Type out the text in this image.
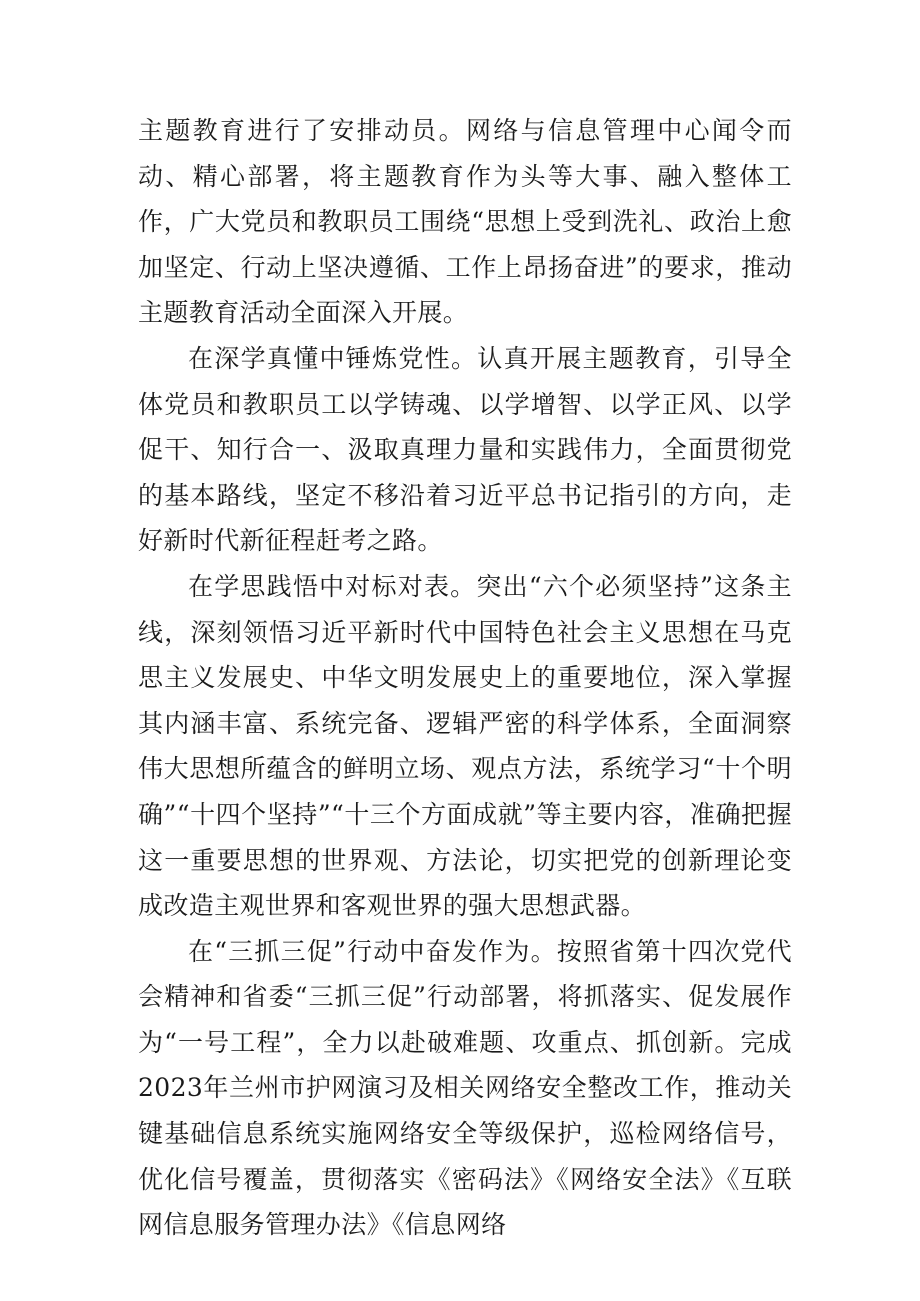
主题教育进行了安排动员。网络与信息管理中心闻令而动、精心部署，将主题教育作为头等大事、融入整体工作，广大党员和教职员工围绕“思想上受到洗礼、政治上愈加坚定、行动上坚决遵循、工作上昂扬奋进”的要求，推动主题教育活动全面深入开展。

在深学真懂中锤炼党性。认真开展主题教育，引导全体党员和教职员工以学铸魂、以学增智、以学正风、以学促干、知行合一、汲取真理力量和实践伟力，全面贯彻党的基本路线，坚定不移沿着习近平总书记指引的方向，走好新时代新征程赶考之路。

在学思践悟中对标对表。突出“六个必须坚持”这条主线，深刻领悟习近平新时代中国特色社会主义思想在马克思主义发展史、中华文明发展史上的重要地位，深入掌握其内涵丰富、系统完备、逻辑严密的科学体系，全面洞察伟大思想所蕴含的鲜明立场、观点方法，系统学习“十个明确”“十四个坚持”“十三个方面成就”等主要内容，准确把握这一重要思想的世界观、方法论，切实把党的创新理论变成改造主观世界和客观世界的强大思想武器。

在“三抓三促”行动中奋发作为。按照省第十四次党代会精神和省委“三抓三促”行动部署，将抓落实、促发展作为“一号工程”，全力以赴破难题、攻重点、抓创新。完成2023年兰州市护网演习及相关网络安全整改工作，推动关键基础信息系统实施网络安全等级保护，巡检网络信号，优化信号覆盖，贯彻落实《密码法》《网络安全法》《互联网信息服务管理办法》《信息网络
